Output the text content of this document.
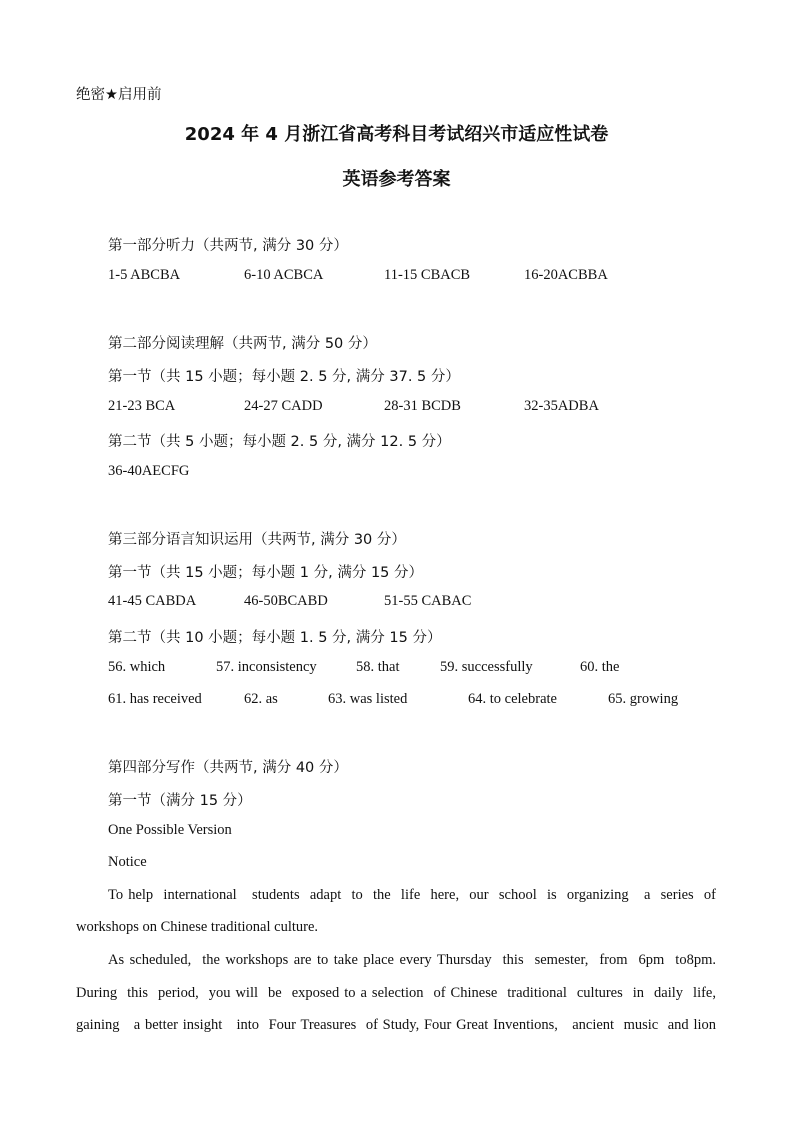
绝密★启用前
2024 年 4 月浙江省高考科目考试绍兴市适应性试卷
英语参考答案
第一部分听力（共两节, 满分 30 分）
1-5 ABCBA	6-10 ACBCA	11-15 CBACB	16-20ACBBA
第二部分阅读理解（共两节, 满分 50 分）
第一节（共 15 小题；每小题 2. 5 分, 满分 37. 5 分）
21-23 BCA	24-27 CADD	28-31 BCDB	32-35ADBA
第二节（共 5 小题；每小题 2. 5 分, 满分 12. 5 分）
36-40AECFG
第三部分语言知识运用（共两节, 满分 30 分）
第一节（共 15 小题；每小题 1 分, 满分 15 分）
41-45 CABDA	46-50BCABD	51-55 CABAC
第二节（共 10 小题；每小题 1. 5 分, 满分 15 分）
56. which	57. inconsistency	58. that	59. successfully	60. the
61. has received	62. as	63. was listed	64. to celebrate	65. growing
第四部分写作（共两节, 满分 40 分）
第一节（满分 15 分）
One Possible Version
Notice
To help  international   students  adapt  to  the  life  here,  our  school  is  organizing   a  series  of
workshops on Chinese traditional culture.
As scheduled,  the workshops are to take place every Thursday  this  semester,  from  6pm  to8pm.
During  this  period,  you will  be  exposed to a selection  of Chinese  traditional  cultures  in  daily  life,
gaining   a better insight   into  Four Treasures  of Study, Four Great Inventions,   ancient  music  and lion
